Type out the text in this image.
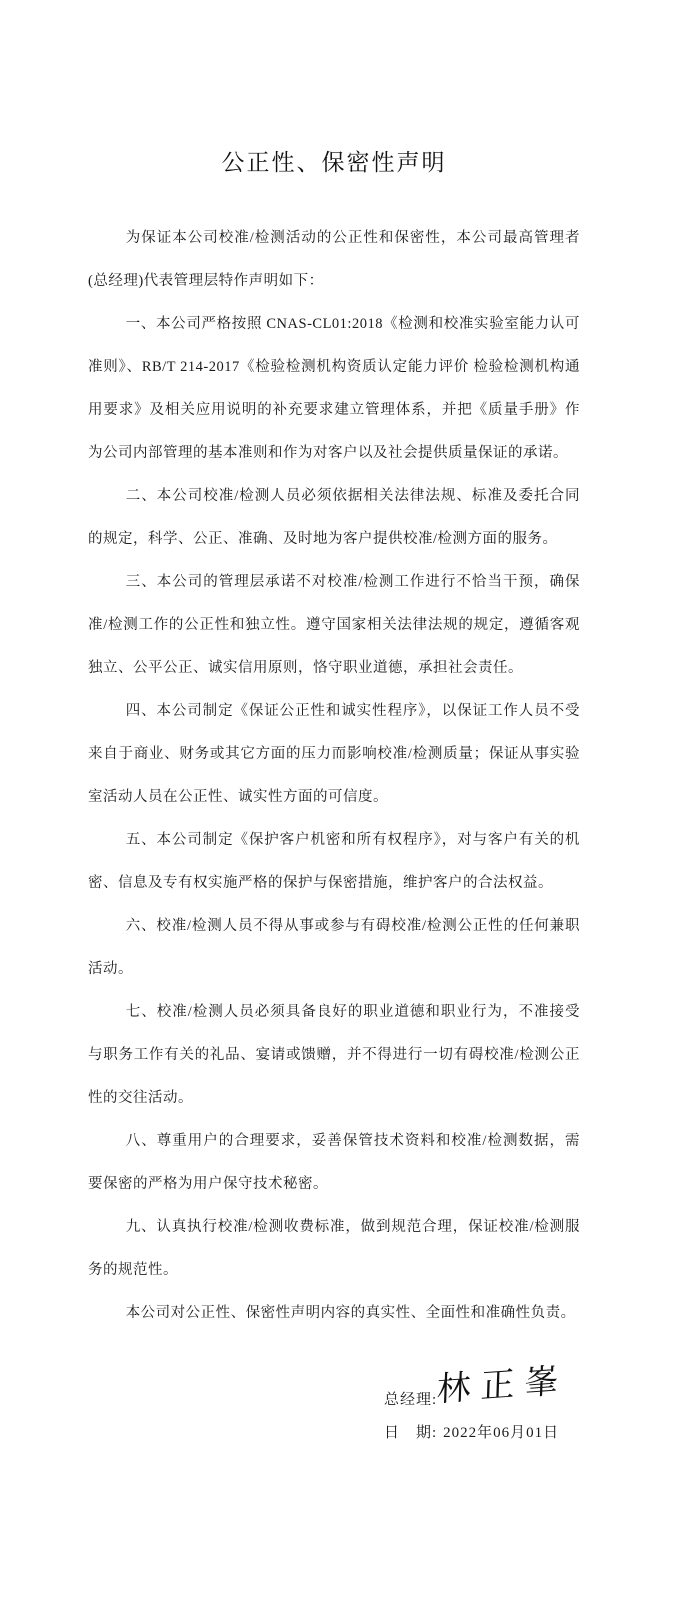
公正性、保密性声明

为保证本公司校准/检测活动的公正性和保密性，本公司最高管理者(总经理)代表管理层特作声明如下：

一、本公司严格按照 CNAS-CL01:2018《检测和校准实验室能力认可准则》、RB/T 214-2017《检验检测机构资质认定能力评价 检验检测机构通用要求》及相关应用说明的补充要求建立管理体系，并把《质量手册》作为公司内部管理的基本准则和作为对客户以及社会提供质量保证的承诺。

二、本公司校准/检测人员必须依据相关法律法规、标准及委托合同的规定，科学、公正、准确、及时地为客户提供校准/检测方面的服务。

三、本公司的管理层承诺不对校准/检测工作进行不恰当干预，确保准/检测工作的公正性和独立性。遵守国家相关法律法规的规定，遵循客观独立、公平公正、诚实信用原则，恪守职业道德，承担社会责任。

四、本公司制定《保证公正性和诚实性程序》，以保证工作人员不受来自于商业、财务或其它方面的压力而影响校准/检测质量；保证从事实验室活动人员在公正性、诚实性方面的可信度。

五、本公司制定《保护客户机密和所有权程序》，对与客户有关的机密、信息及专有权实施严格的保护与保密措施，维护客户的合法权益。

六、校准/检测人员不得从事或参与有碍校准/检测公正性的任何兼职活动。

七、校准/检测人员必须具备良好的职业道德和职业行为，不准接受与职务工作有关的礼品、宴请或馈赠，并不得进行一切有碍校准/检测公正性的交往活动。

八、尊重用户的合理要求，妥善保管技术资料和校准/检测数据，需要保密的严格为用户保守技术秘密。

九、认真执行校准/检测收费标准，做到规范合理，保证校准/检测服务的规范性。

本公司对公正性、保密性声明内容的真实性、全面性和准确性负责。

总经理:
林正峯
日　期: 2022年06月01日
